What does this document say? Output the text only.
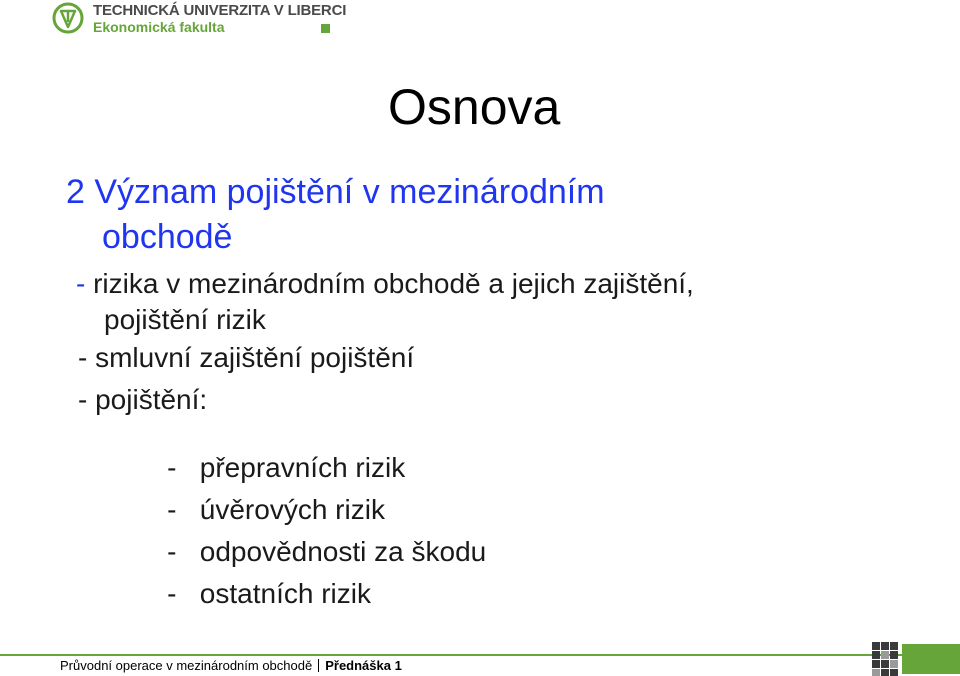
TECHNICKÁ UNIVERZITA V LIBERCI
Ekonomická fakulta
Osnova
2 Význam pojištění v mezinárodním
obchodě
- rizika v mezinárodním obchodě a jejich zajištění,
pojištění rizik
- smluvní zajištění pojištění
- pojištění:

-   přepravních rizik

-   úvěrových rizik

-   odpovědnosti za škodu

-   ostatních rizik

Průvodní operace v mezinárodním obchodě Přednáška 1
